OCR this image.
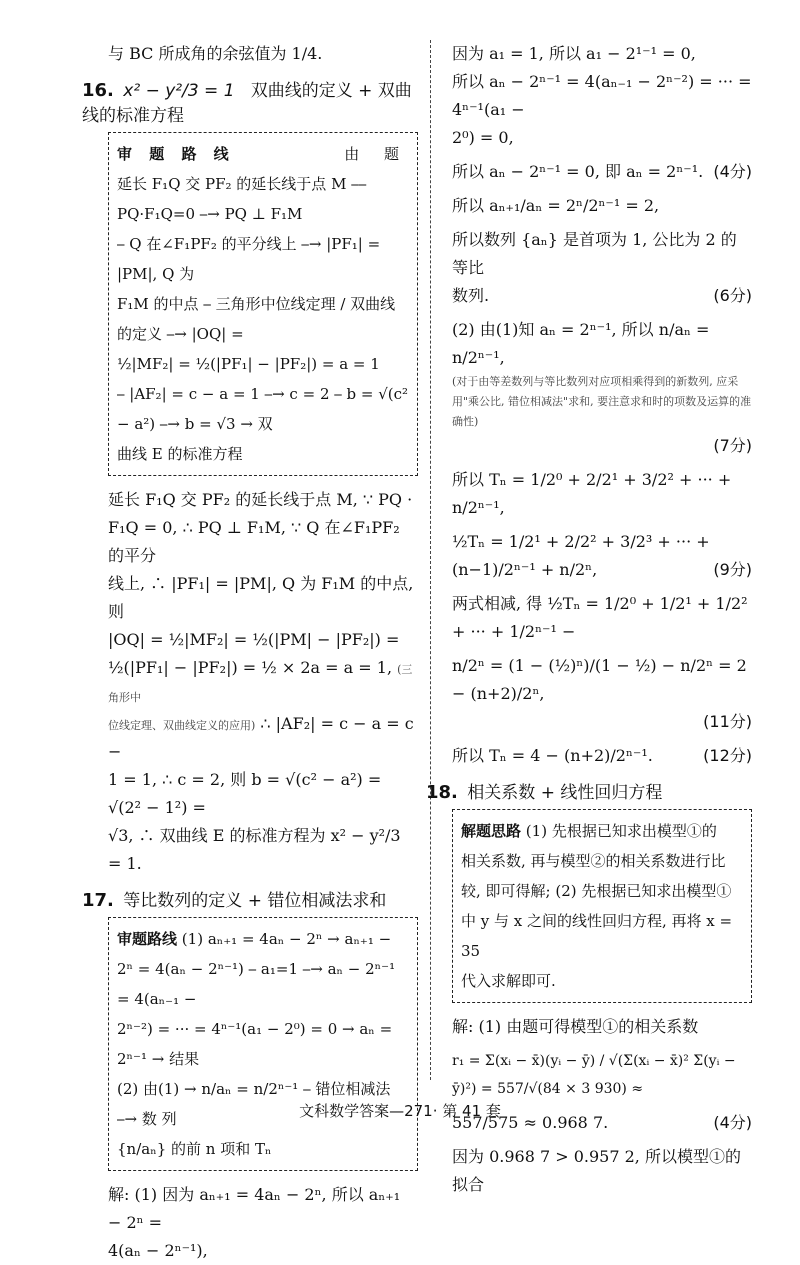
与 BC 所成角的余弦值为 1/4.

16. x² − y²/3 = 1 双曲线的定义 + 双曲线的标准方程

审 题 路 线	由 题

延长 F₁Q 交 PF₂ 的延长线于点 M ⎯⎯ PQ·F₁Q=0 ⎯→ PQ ⊥ F₁M

⎯ Q 在∠F₁PF₂ 的平分线上 ⎯→ |PF₁| = |PM|, Q 为

F₁M 的中点 ⎯ 三角形中位线定理 / 双曲线的定义 ⎯→ |OQ| =

½|MF₂| = ½(|PF₁| − |PF₂|) = a = 1

⎯ |AF₂| = c − a = 1 ⎯→ c = 2 ⎯ b = √(c² − a²) ⎯→ b = √3 → 双

曲线 E 的标准方程

延长 F₁Q 交 PF₂ 的延长线于点 M, ∵ PQ ·

F₁Q = 0, ∴ PQ ⊥ F₁M, ∵ Q 在∠F₁PF₂ 的平分

线上, ∴ |PF₁| = |PM|, Q 为 F₁M 的中点, 则

|OQ| = ½|MF₂| = ½(|PM| − |PF₂|) =

½(|PF₁| − |PF₂|) = ½ × 2a = a = 1, (三角形中

位线定理、双曲线定义的应用) ∴ |AF₂| = c − a = c −

1 = 1, ∴ c = 2, 则 b = √(c² − a²) = √(2² − 1²) =

√3, ∴ 双曲线 E 的标准方程为 x² − y²/3 = 1.

17. 等比数列的定义 + 错位相减法求和

审题路线 (1) aₙ₊₁ = 4aₙ − 2ⁿ → aₙ₊₁ −

2ⁿ = 4(aₙ − 2ⁿ⁻¹) ⎯ a₁=1 ⎯→ aₙ − 2ⁿ⁻¹ = 4(aₙ₋₁ −

2ⁿ⁻²) = ··· = 4ⁿ⁻¹(a₁ − 2⁰) = 0 → aₙ =

2ⁿ⁻¹ → 结果

(2) 由(1) → n/aₙ = n/2ⁿ⁻¹ ⎯ 错位相减法 ⎯→ 数 列

{n/aₙ} 的前 n 项和 Tₙ

解: (1) 因为 aₙ₊₁ = 4aₙ − 2ⁿ, 所以 aₙ₊₁ − 2ⁿ =

4(aₙ − 2ⁿ⁻¹),

因为 a₁ = 1, 所以 a₁ − 2¹⁻¹ = 0,

所以 aₙ − 2ⁿ⁻¹ = 4(aₙ₋₁ − 2ⁿ⁻²) = ··· = 4ⁿ⁻¹(a₁ −

2⁰) = 0,

所以 aₙ − 2ⁿ⁻¹ = 0, 即 aₙ = 2ⁿ⁻¹. (4分)

所以 aₙ₊₁/aₙ = 2ⁿ/2ⁿ⁻¹ = 2,

所以数列 {aₙ} 是首项为 1, 公比为 2 的等比

数列.	(6分)

(2) 由(1)知 aₙ = 2ⁿ⁻¹, 所以 n/aₙ = n/2ⁿ⁻¹,

(对于由等差数列与等比数列对应项相乘得到的新数列, 应采用"乘公比, 错位相减法"求和, 要注意求和时的项数及运算的准确性)

(7分)

所以 Tₙ = 1/2⁰ + 2/2¹ + 3/2² + ··· + n/2ⁿ⁻¹,

½Tₙ = 1/2¹ + 2/2² + 3/2³ + ··· + (n−1)/2ⁿ⁻¹ + n/2ⁿ,	(9分)

两式相减, 得 ½Tₙ = 1/2⁰ + 1/2¹ + 1/2² + ··· + 1/2ⁿ⁻¹ −

n/2ⁿ = (1 − (½)ⁿ)/(1 − ½) − n/2ⁿ = 2 − (n+2)/2ⁿ,

(11分)

所以 Tₙ = 4 − (n+2)/2ⁿ⁻¹.	(12分)

18. 相关系数 + 线性回归方程

解题思路 (1) 先根据已知求出模型①的

相关系数, 再与模型②的相关系数进行比

较, 即可得解; (2) 先根据已知求出模型①

中 y 与 x 之间的线性回归方程, 再将 x = 35

代入求解即可.

解: (1) 由题可得模型①的相关系数

r₁ = Σ(xᵢ − x̄)(yᵢ − ȳ) / √(Σ(xᵢ − x̄)² Σ(yᵢ − ȳ)²) = 557/√(84 × 3 930) ≈

557/575 ≈ 0.968 7.	(4分)

因为 0.968 7 > 0.957 2, 所以模型①的拟合

文科数学答案—271· 第 41 套
